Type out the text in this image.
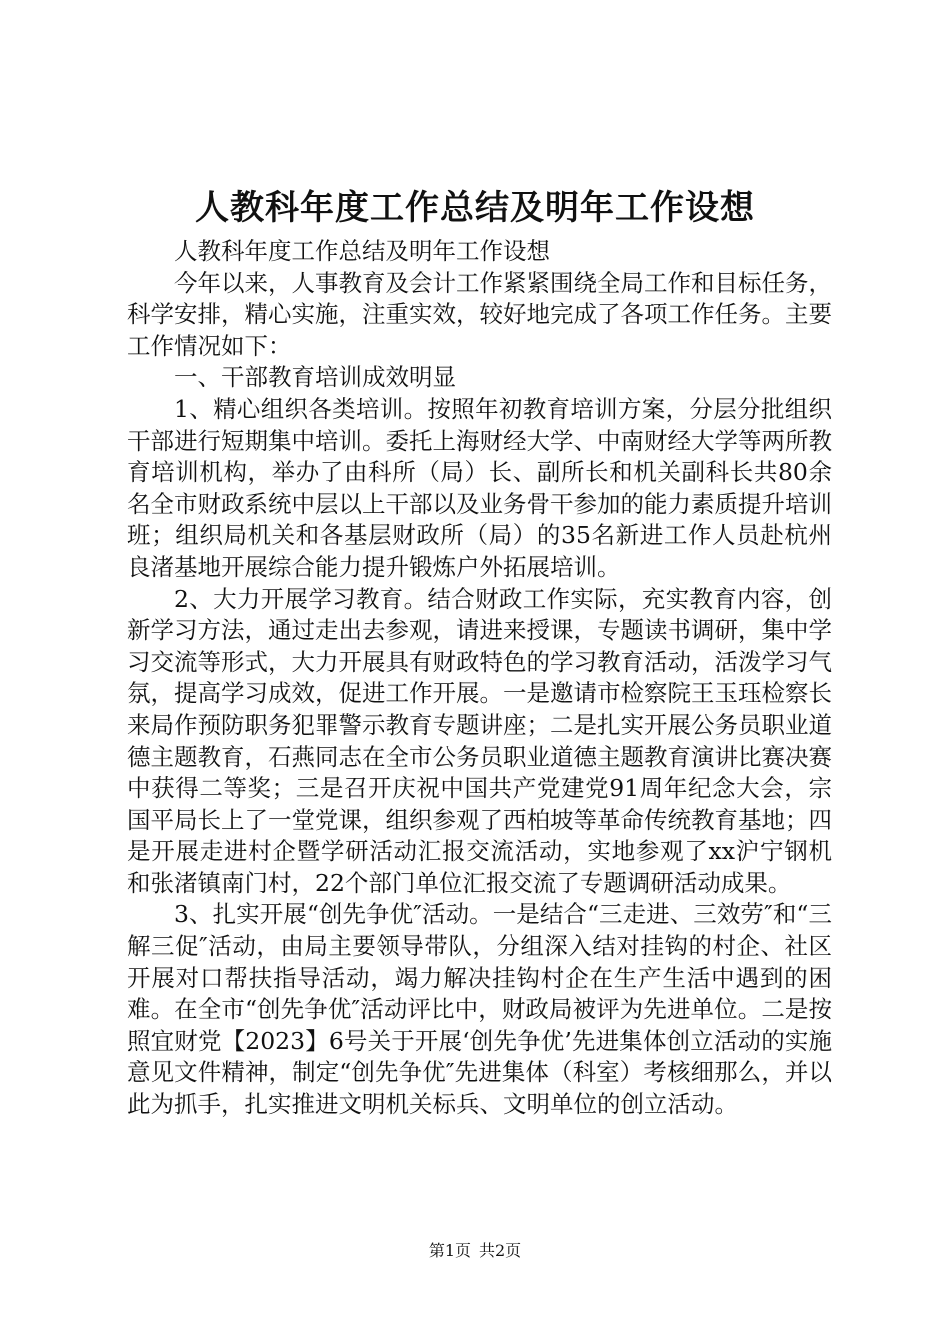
人教科年度工作总结及明年工作设想

人教科年度工作总结及明年工作设想

今年以来，人事教育及会计工作紧紧围绕全局工作和目标任务，科学安排，精心实施，注重实效，较好地完成了各项工作任务。主要工作情况如下：

一、干部教育培训成效明显

1、精心组织各类培训。按照年初教育培训方案，分层分批组织干部进行短期集中培训。委托上海财经大学、中南财经大学等两所教育培训机构，举办了由科所（局）长、副所长和机关副科长共80余名全市财政系统中层以上干部以及业务骨干参加的能力素质提升培训班；组织局机关和各基层财政所（局）的35名新进工作人员赴杭州良渚基地开展综合能力提升锻炼户外拓展培训。

2、大力开展学习教育。结合财政工作实际，充实教育内容，创新学习方法，通过走出去参观，请进来授课，专题读书调研，集中学习交流等形式，大力开展具有财政特色的学习教育活动，活泼学习气氛，提高学习成效，促进工作开展。一是邀请市检察院王玉珏检察长来局作预防职务犯罪警示教育专题讲座；二是扎实开展公务员职业道德主题教育，石燕同志在全市公务员职业道德主题教育演讲比赛决赛中获得二等奖；三是召开庆祝中国共产党建党91周年纪念大会，宗国平局长上了一堂党课，组织参观了西柏坡等革命传统教育基地；四是开展走进村企暨学研活动汇报交流活动，实地参观了xx沪宁钢机和张渚镇南门村，22个部门单位汇报交流了专题调研活动成果。

3、扎实开展“创先争优″活动。一是结合“三走进、三效劳″和“三解三促″活动，由局主要领导带队，分组深入结对挂钩的村企、社区开展对口帮扶指导活动，竭力解决挂钩村企在生产生活中遇到的困难。在全市“创先争优″活动评比中，财政局被评为先进单位。二是按照宜财党【2023】6号关于开展‘创先争优’先进集体创立活动的实施意见文件精神，制定“创先争优″先进集体（科室）考核细那么，并以此为抓手，扎实推进文明机关标兵、文明单位的创立活动。

第1页 共2页
